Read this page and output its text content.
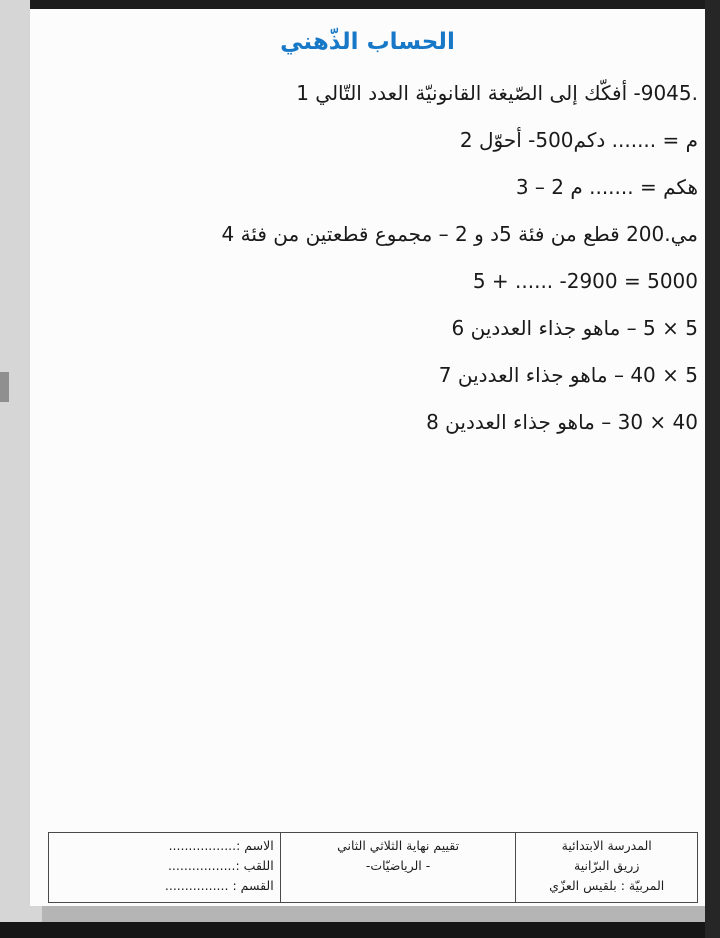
الحساب الذّهني
.9045- أفكّك إلى الصّيغة القانونيّة العدد التّالي 1
م = ....... دكم500- أحوّل 2
هكم = ....... م 2 – 3
مي.200 قطع من فئة 5د و 2 – مجموع قطعتين من فئة 4
5 + ...... -2900 = 5000
5 × 5 – ماهو جذاء العددين 6
5 × 40 – ماهو جذاء العددين 7
40 × 30 – ماهو جذاء العددين 8
المدرسة الابتدائية
زريق البرّانية
المربيّة : بلقيس العزّي
تقييم نهاية الثلاثي الثاني
- الرياضيّات-
الاسم :.................
اللقب :.................
القسم : ................
